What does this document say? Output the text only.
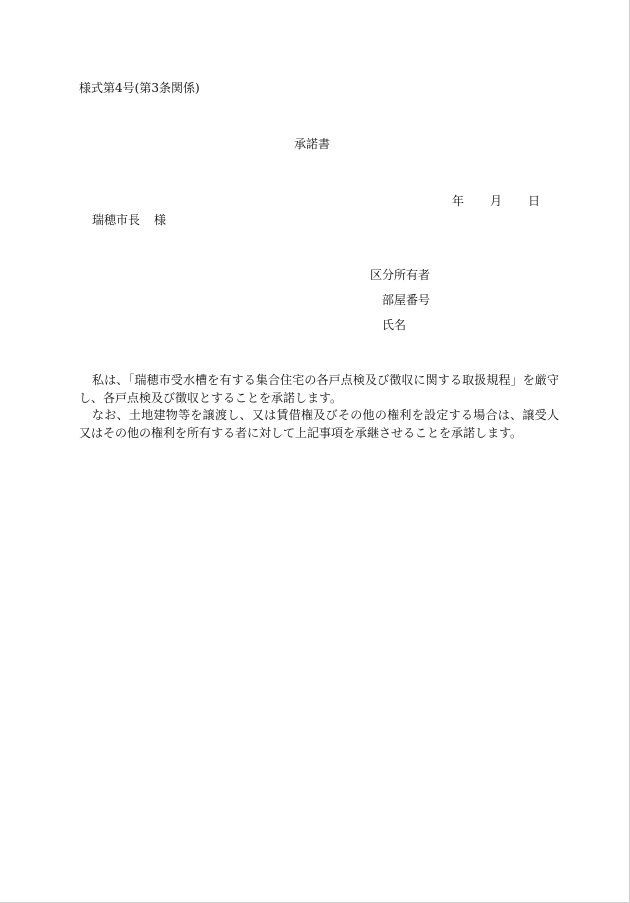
様式第4号(第3条関係)
承諾書
年 月 日
瑞穂市長 様
区分所有者
部屋番号
氏名

私は、「瑞穂市受水槽を有する集合住宅の各戸点検及び徴収に関する取扱規程」を厳守し、各戸点検及び徴収とすることを承諾します。

なお、土地建物等を譲渡し、又は賃借権及びその他の権利を設定する場合は、譲受人又はその他の権利を所有する者に対して上記事項を承継させることを承諾します。
